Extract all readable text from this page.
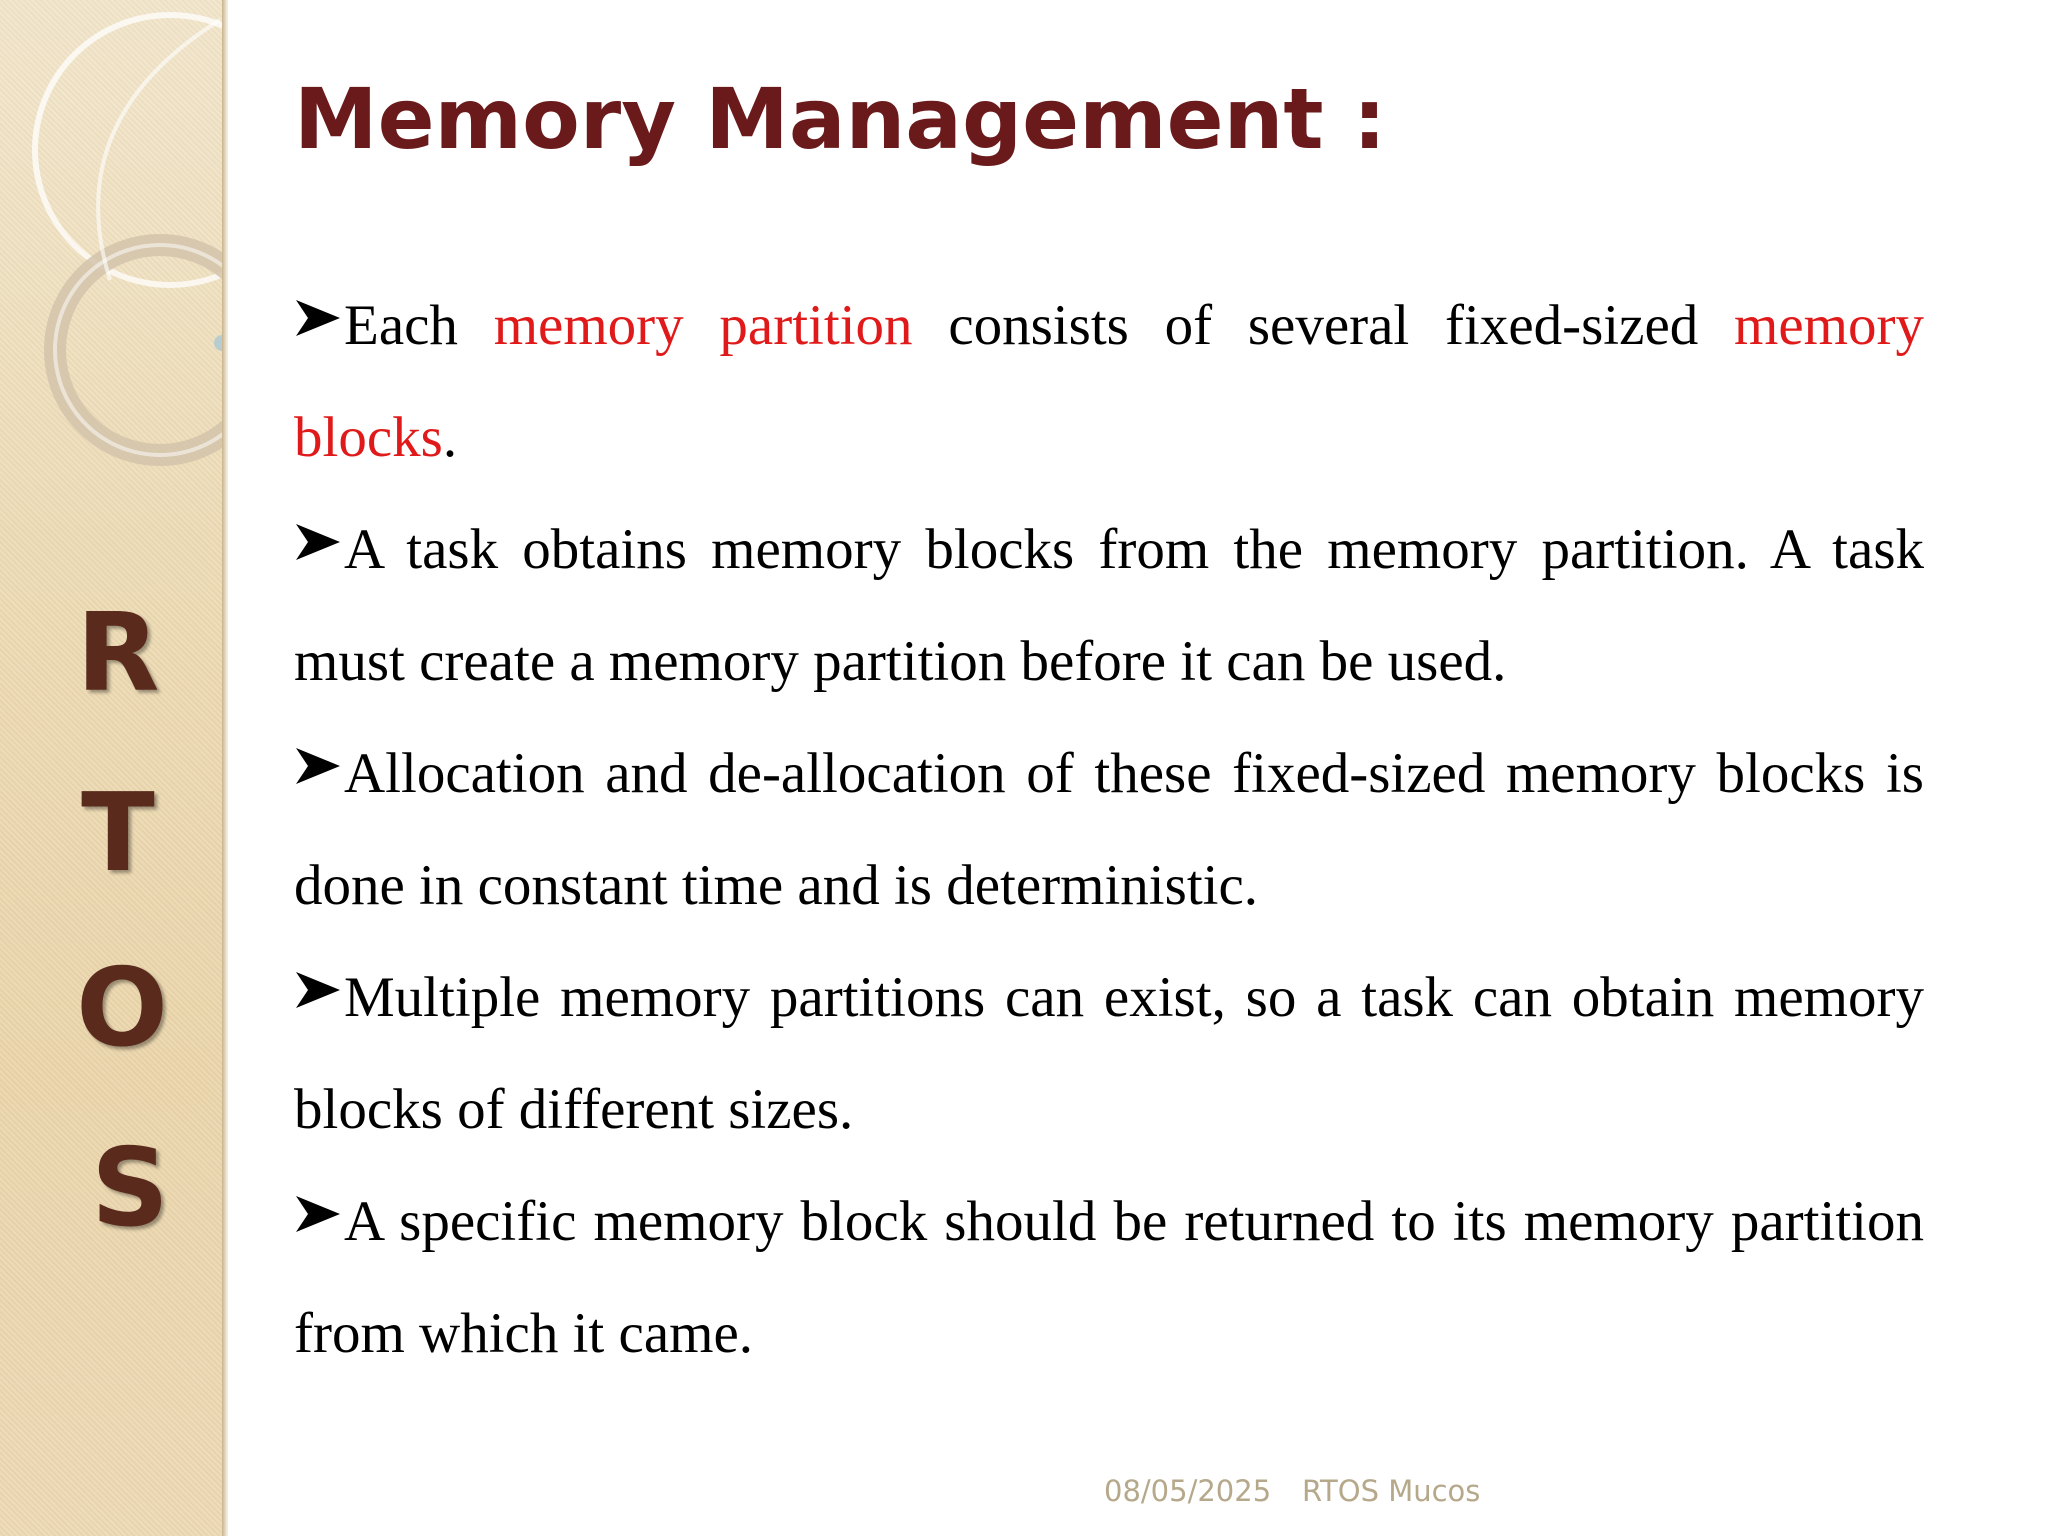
R
T
O
S
Memory Management :
Each memory partition consists of several fixed-sized memory blocks.
A task obtains memory blocks from the memory partition. A task must create a memory partition before it can be used.
Allocation and de-allocation of these fixed-sized memory blocks is done in constant time and is deterministic.
Multiple memory partitions can exist, so a task can obtain memory blocks of different sizes.
A specific memory block should be returned to its memory partition from which it came.
08/05/2025 RTOS Mucos
